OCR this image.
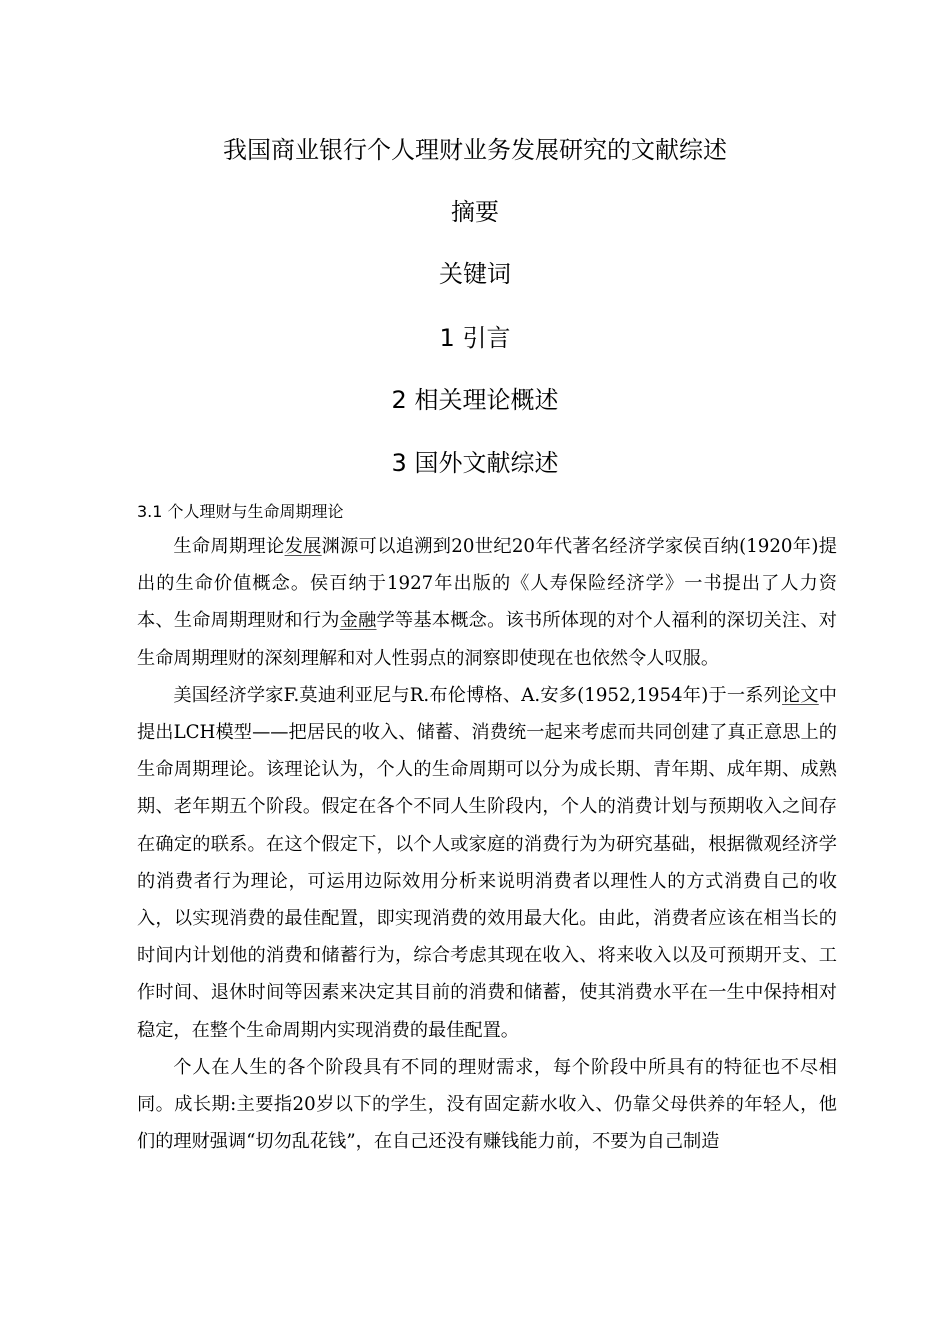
我国商业银行个人理财业务发展研究的文献综述
摘要
关键词
1 引言
2 相关理论概述
3 国外文献综述
3.1 个人理财与生命周期理论

生命周期理论发展渊源可以追溯到20世纪20年代著名经济学家侯百纳(1920年)提出的生命价值概念。侯百纳于1927年出版的《人寿保险经济学》一书提出了人力资本、生命周期理财和行为金融学等基本概念。该书所体现的对个人福利的深切关注、对生命周期理财的深刻理解和对人性弱点的洞察即使现在也依然令人叹服。

美国经济学家F.莫迪利亚尼与R.布伦博格、A.安多(1952,1954年)于一系列论文中提出LCH模型——把居民的收入、储蓄、消费统一起来考虑而共同创建了真正意思上的生命周期理论。该理论认为，个人的生命周期可以分为成长期、青年期、成年期、成熟期、老年期五个阶段。假定在各个不同人生阶段内，个人的消费计划与预期收入之间存在确定的联系。在这个假定下，以个人或家庭的消费行为为研究基础，根据微观经济学的消费者行为理论，可运用边际效用分析来说明消费者以理性人的方式消费自己的收入，以实现消费的最佳配置，即实现消费的效用最大化。由此，消费者应该在相当长的时间内计划他的消费和储蓄行为，综合考虑其现在收入、将来收入以及可预期开支、工作时间、退休时间等因素来决定其目前的消费和储蓄，使其消费水平在一生中保持相对稳定，在整个生命周期内实现消费的最佳配置。

个人在人生的各个阶段具有不同的理财需求，每个阶段中所具有的特征也不尽相同。成长期:主要指20岁以下的学生，没有固定薪水收入、仍靠父母供养的年轻人，他们的理财强调“切勿乱花钱”，在自己还没有赚钱能力前，不要为自己制造
